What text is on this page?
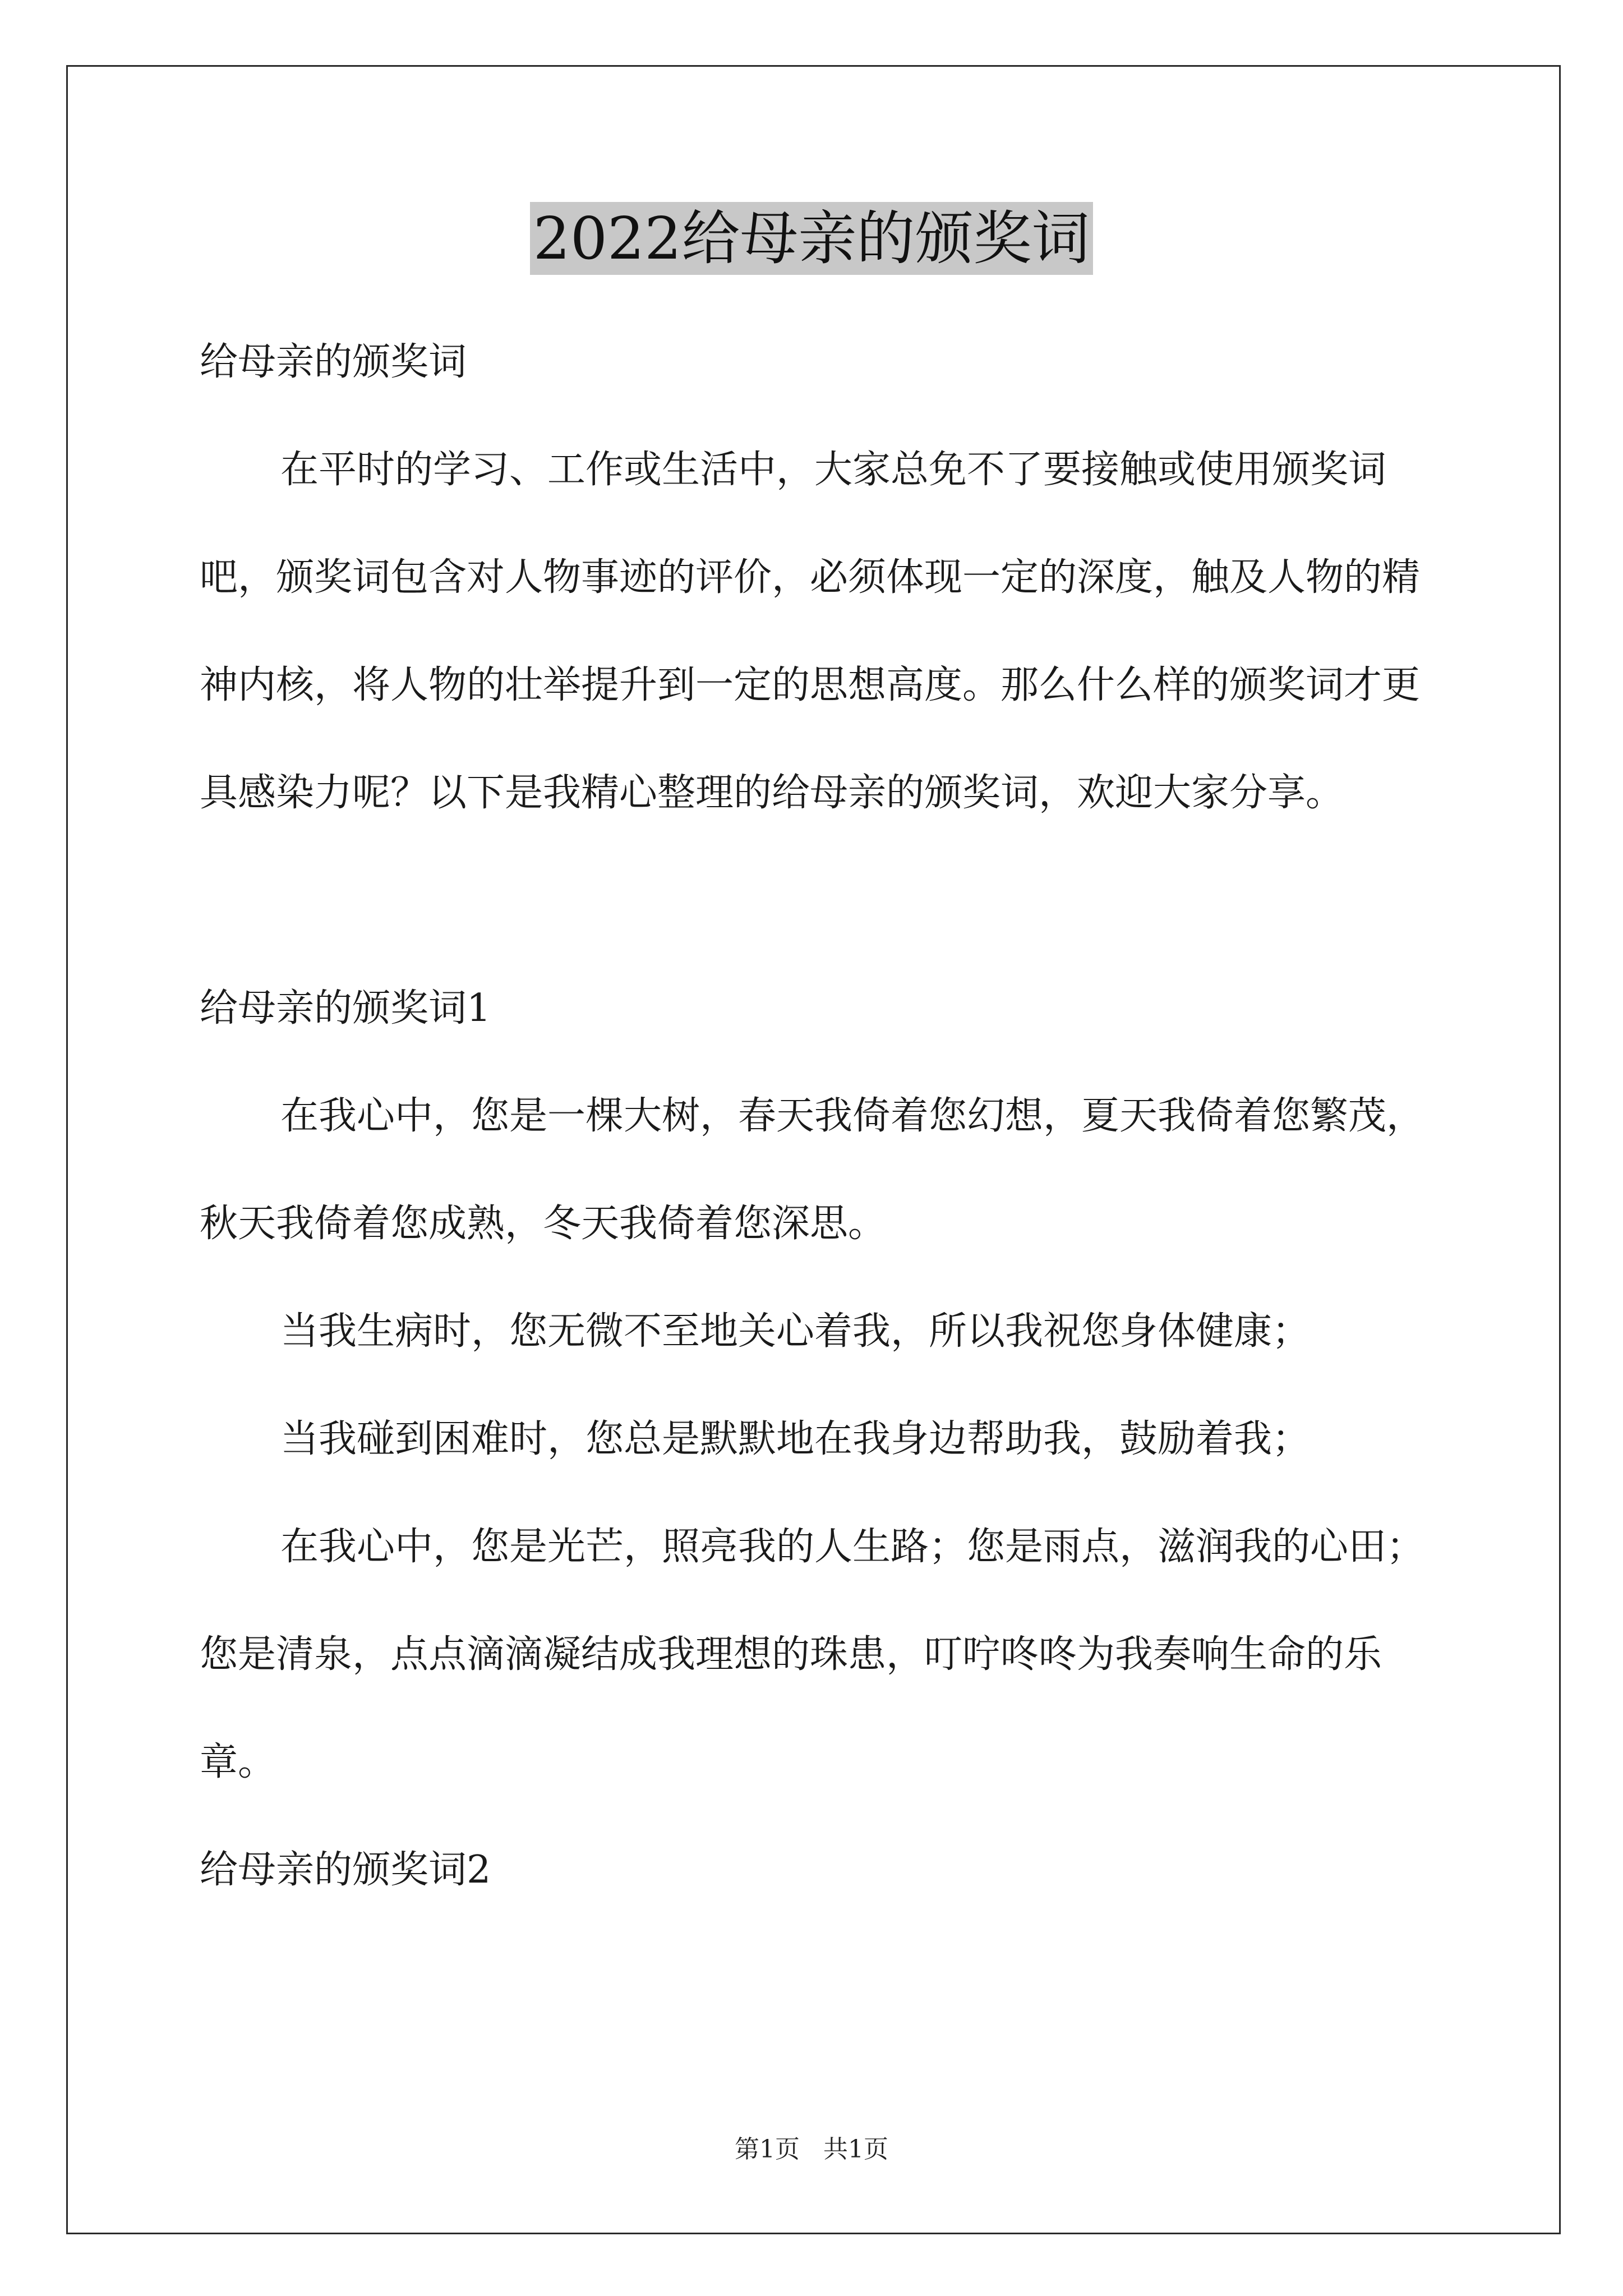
2022给母亲的颁奖词

给母亲的颁奖词

在平时的学习、工作或生活中，大家总免不了要接触或使用颁奖词吧，颁奖词包含对人物事迹的评价，必须体现一定的深度，触及人物的精神内核，将人物的壮举提升到一定的思想高度。那么什么样的颁奖词才更具感染力呢？以下是我精心整理的给母亲的颁奖词，欢迎大家分享。

给母亲的颁奖词1

在我心中，您是一棵大树，春天我倚着您幻想，夏天我倚着您繁茂，秋天我倚着您成熟，冬天我倚着您深思。

当我生病时，您无微不至地关心着我，所以我祝您身体健康；

当我碰到困难时，您总是默默地在我身边帮助我，鼓励着我；

在我心中，您是光芒，照亮我的人生路；您是雨点，滋润我的心田；您是清泉，点点滴滴凝结成我理想的珠患，叮咛咚咚为我奏响生命的乐章。

给母亲的颁奖词2

第1页   共1页
